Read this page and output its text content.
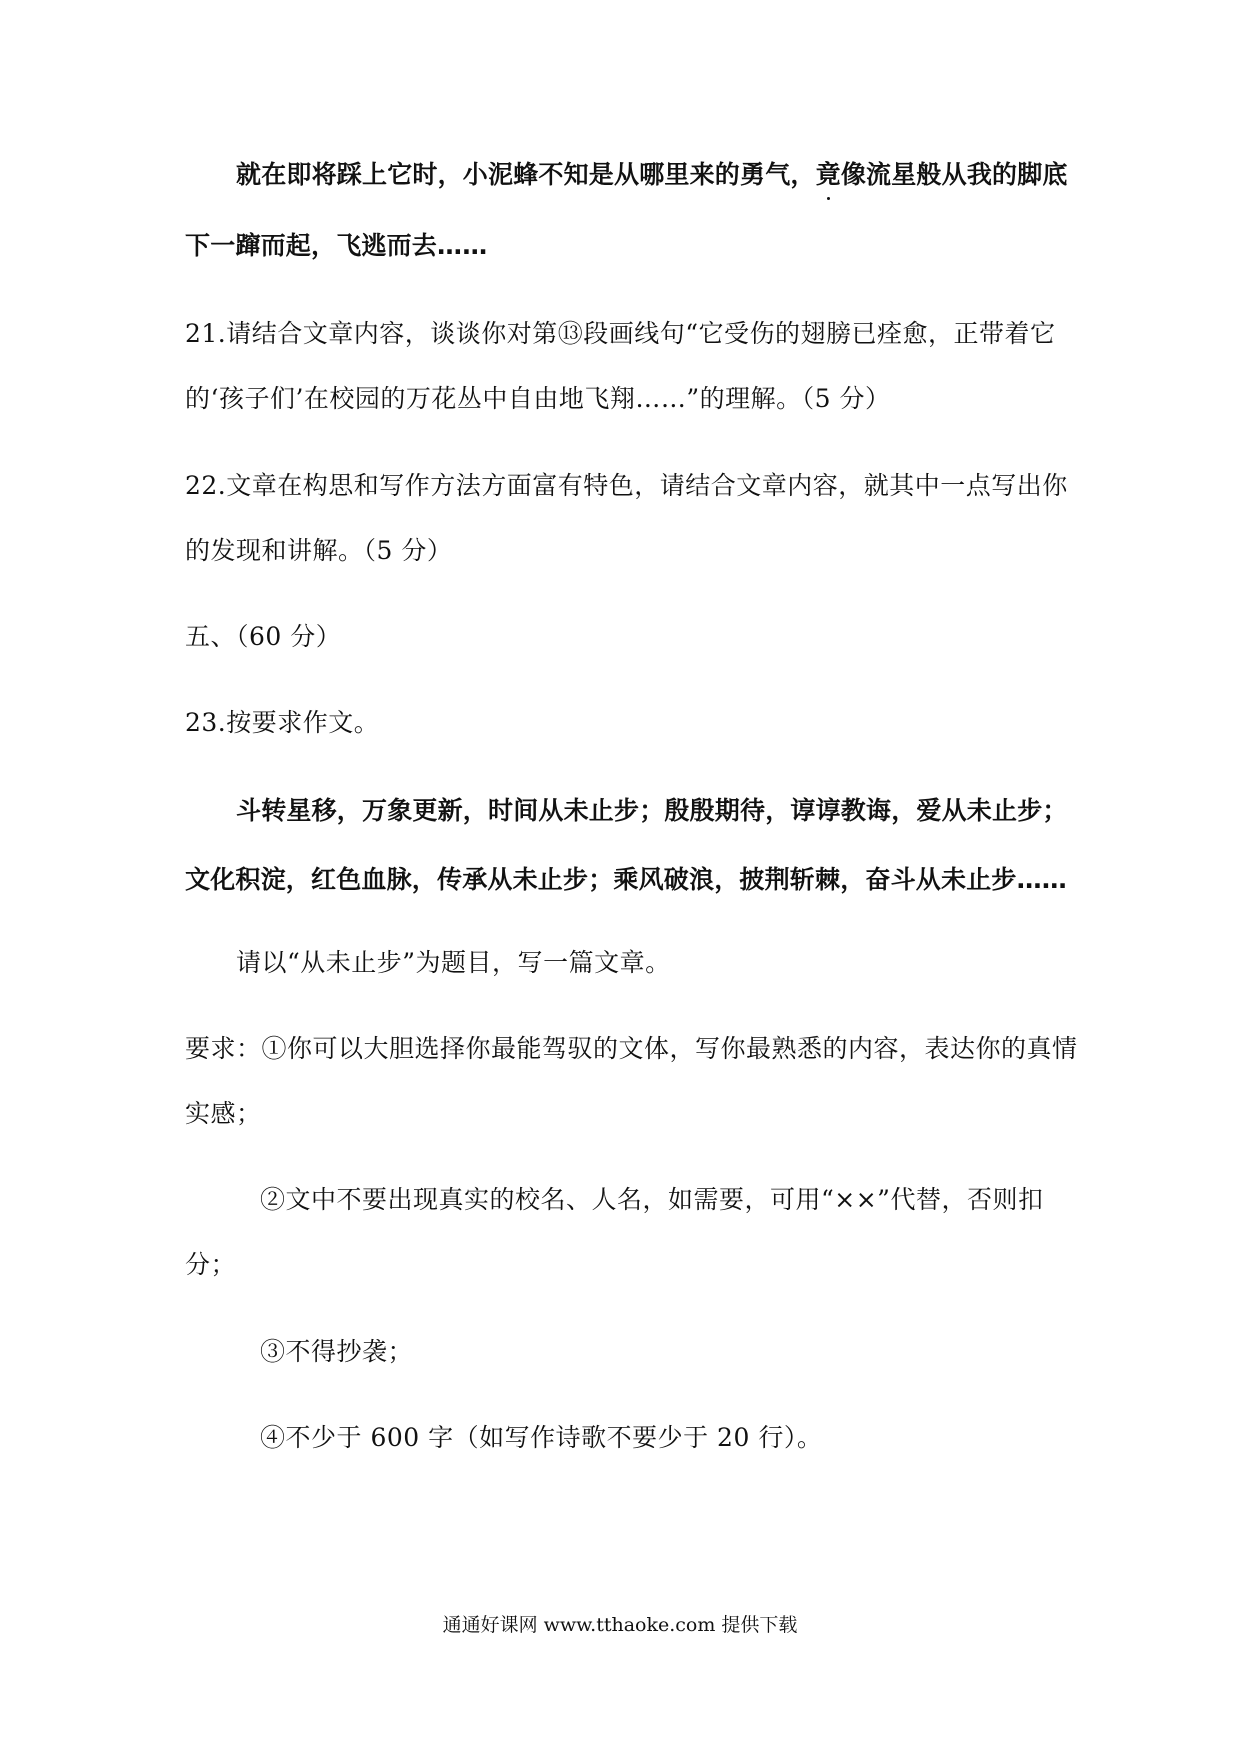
就在即将踩上它时，小泥蜂不知是从哪里来的勇气，竟像流星般从我的脚底
下一蹿而起，飞逃而去……
21.请结合文章内容，谈谈你对第⑬段画线句“它受伤的翅膀已痊愈，正带着它
的‘孩子们’在校园的万花丛中自由地飞翔……”的理解。（5 分）
22.文章在构思和写作方法方面富有特色，请结合文章内容，就其中一点写出你
的发现和讲解。（5 分）
五、（60 分）
23.按要求作文。
斗转星移，万象更新，时间从未止步；殷殷期待，谆谆教诲，爱从未止步；
文化积淀，红色血脉，传承从未止步；乘风破浪，披荆斩棘，奋斗从未止步……
请以“从未止步”为题目，写一篇文章。
要求：①你可以大胆选择你最能驾驭的文体，写你最熟悉的内容，表达你的真情
实感；
②文中不要出现真实的校名、人名，如需要，可用“××”代替，否则扣
分；
③不得抄袭；
④不少于 600 字（如写作诗歌不要少于 20 行）。
通通好课网 www.tthaoke.com 提供下载
